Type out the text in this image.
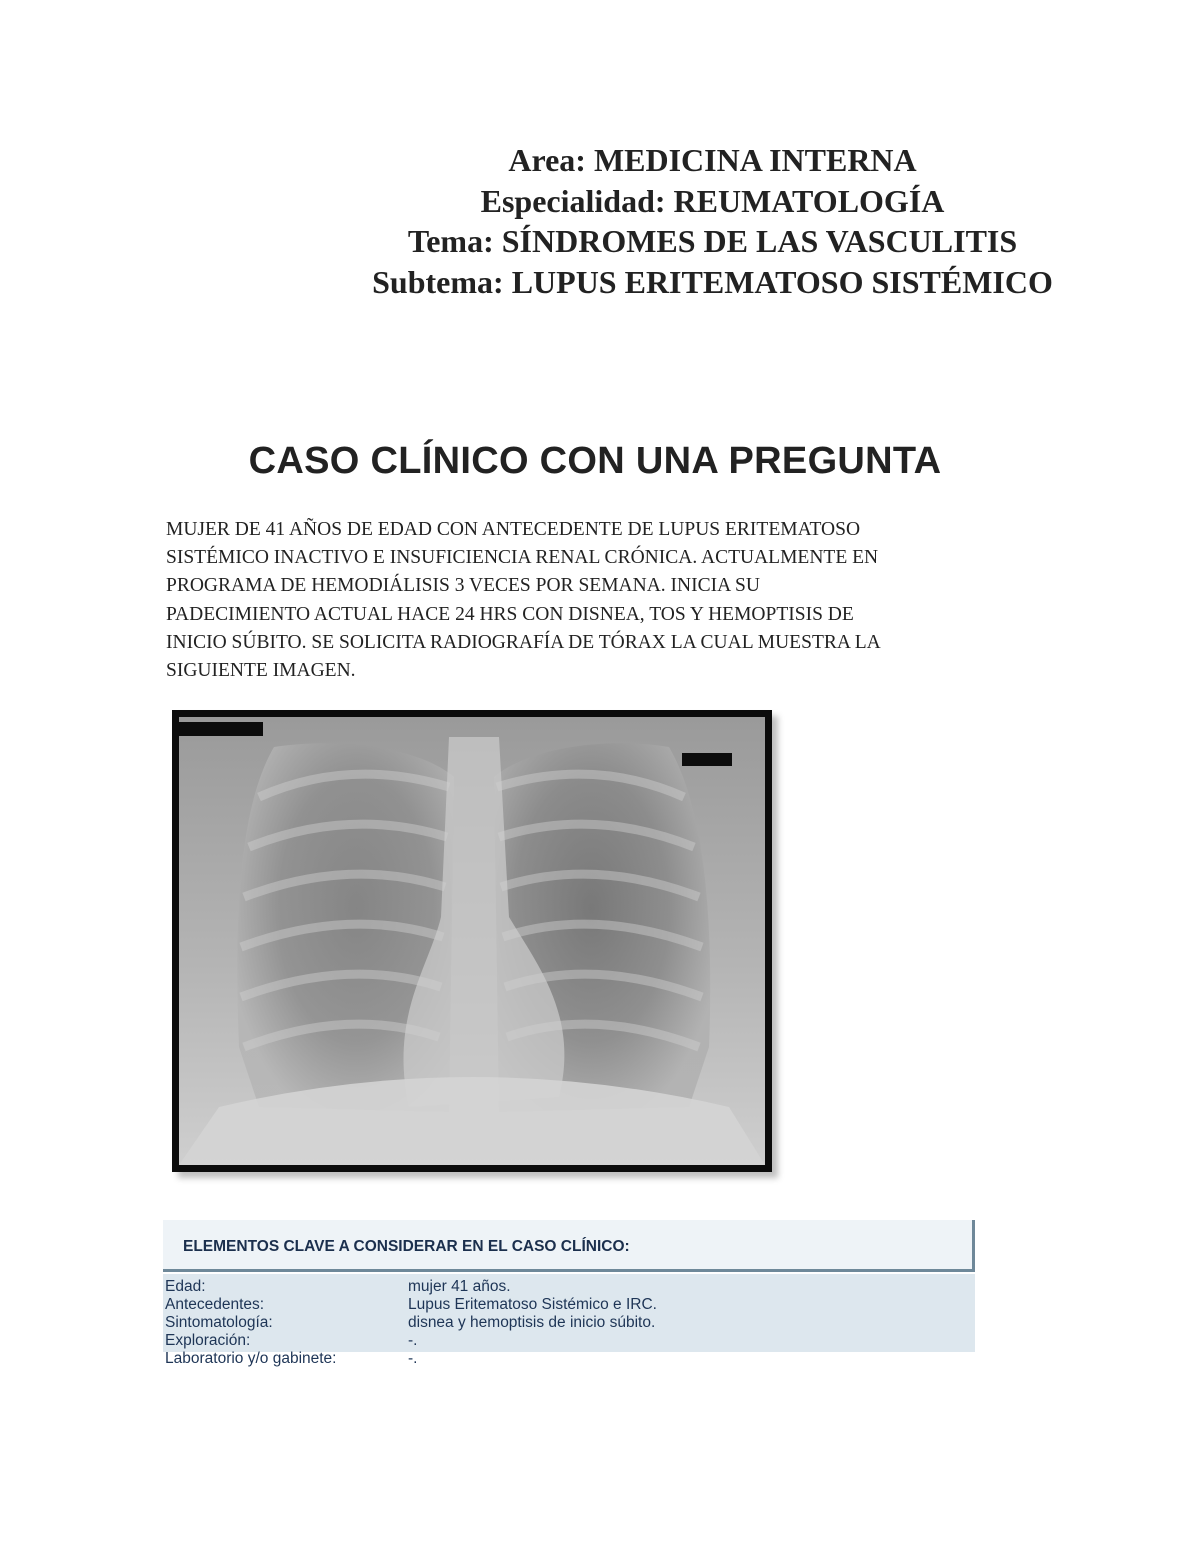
Area: MEDICINA INTERNA
Especialidad: REUMATOLOGÍA
Tema: SÍNDROMES DE LAS VASCULITIS
Subtema: LUPUS ERITEMATOSO SISTÉMICO
CASO CLÍNICO CON UNA PREGUNTA
MUJER DE 41 AÑOS DE EDAD CON ANTECEDENTE DE LUPUS ERITEMATOSO
SISTÉMICO INACTIVO E INSUFICIENCIA RENAL CRÓNICA. ACTUALMENTE EN
PROGRAMA DE HEMODIÁLISIS 3 VECES POR SEMANA. INICIA SU
PADECIMIENTO ACTUAL HACE 24 HRS CON DISNEA, TOS Y HEMOPTISIS DE
INICIO SÚBITO. SE SOLICITA RADIOGRAFÍA DE TÓRAX LA CUAL MUESTRA LA
SIGUIENTE IMAGEN.
ELEMENTOS CLAVE A CONSIDERAR EN EL CASO CLÍNICO:
Edad:	mujer 41 años.
Antecedentes:	Lupus Eritematoso Sistémico e IRC.
Sintomatología:	disnea y hemoptisis de inicio súbito.
Exploración:	-.
Laboratorio y/o gabinete:	-.
